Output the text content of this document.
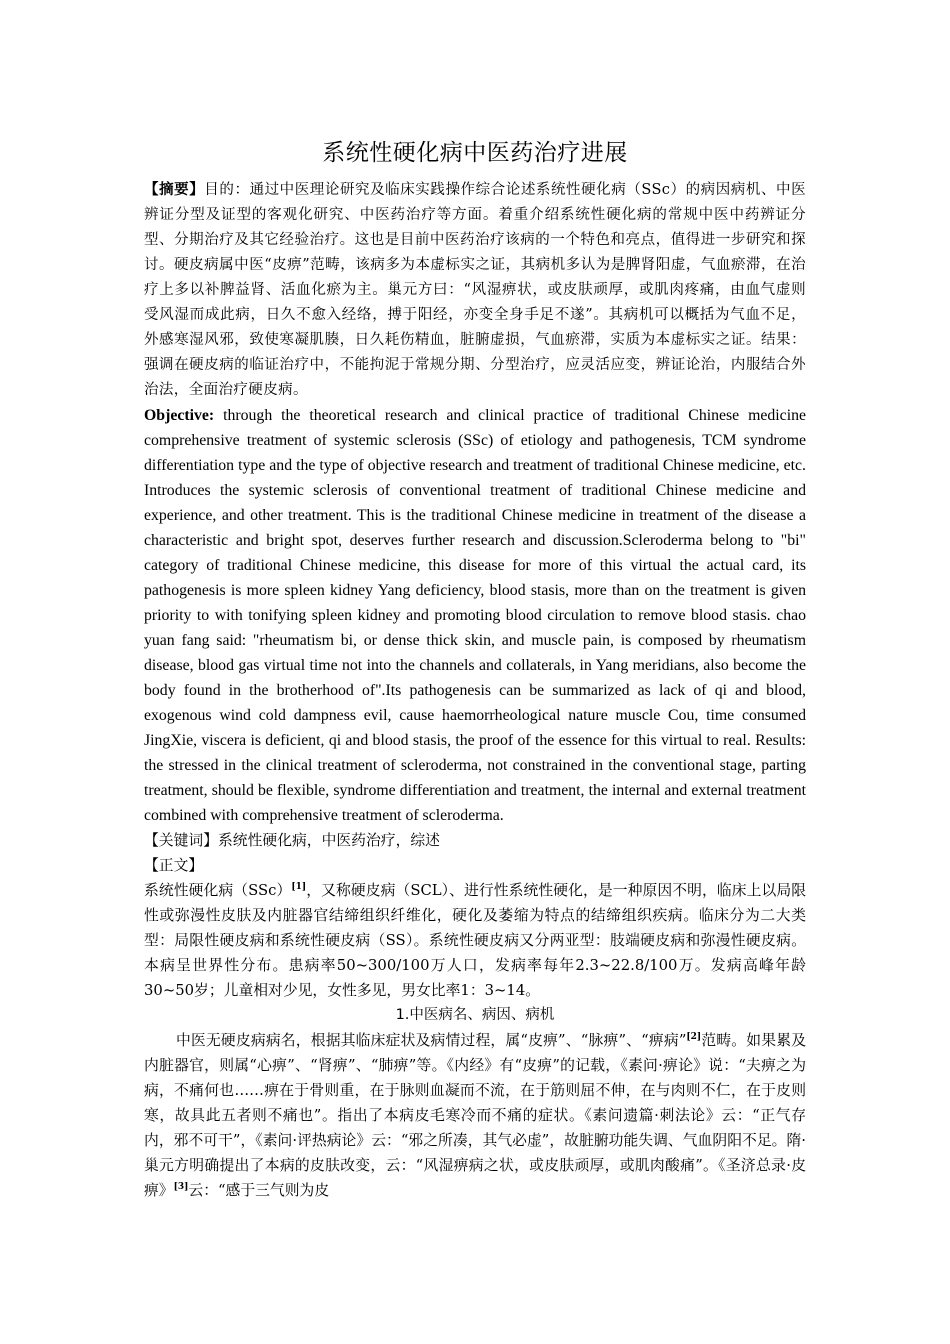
系统性硬化病中医药治疗进展

【摘要】目的：通过中医理论研究及临床实践操作综合论述系统性硬化病（SSc）的病因病机、中医辨证分型及证型的客观化研究、中医药治疗等方面。着重介绍系统性硬化病的常规中医中药辨证分型、分期治疗及其它经验治疗。这也是目前中医药治疗该病的一个特色和亮点，值得进一步研究和探讨。硬皮病属中医“皮痹”范畴，该病多为本虚标实之证，其病机多认为是脾肾阳虚，气血瘀滞，在治疗上多以补脾益肾、活血化瘀为主。巢元方曰：“风湿痹状，或皮肤顽厚，或肌肉疼痛，由血气虚则受风湿而成此病，日久不愈入经络，搏于阳经，亦变全身手足不遂”。其病机可以概括为气血不足，外感寒湿风邪，致使寒凝肌腠，日久耗伤精血，脏腑虚损，气血瘀滞，实质为本虚标实之证。结果：强调在硬皮病的临证治疗中，不能拘泥于常规分期、分型治疗，应灵活应变，辨证论治，内服结合外治法，全面治疗硬皮病。

Objective: through the theoretical research and clinical practice of traditional Chinese medicine comprehensive treatment of systemic sclerosis (SSc) of etiology and pathogenesis, TCM syndrome differentiation type and the type of objective research and treatment of traditional Chinese medicine, etc. Introduces the systemic sclerosis of conventional treatment of traditional Chinese medicine and experience, and other treatment. This is the traditional Chinese medicine in treatment of the disease a characteristic and bright spot, deserves further research and discussion.Scleroderma belong to "bi" category of traditional Chinese medicine, this disease for more of this virtual the actual card, its pathogenesis is more spleen kidney Yang deficiency, blood stasis, more than on the treatment is given priority to with tonifying spleen kidney and promoting blood circulation to remove blood stasis. chao yuan fang said: "rheumatism bi, or dense thick skin, and muscle pain, is composed by rheumatism disease, blood gas virtual time not into the channels and collaterals, in Yang meridians, also become the body found in the brotherhood of".Its pathogenesis can be summarized as lack of qi and blood, exogenous wind cold dampness evil, cause haemorrheological nature muscle Cou, time consumed JingXie, viscera is deficient, qi and blood stasis, the proof of the essence for this virtual to real. Results: the stressed in the clinical treatment of scleroderma, not constrained in the conventional stage, parting treatment, should be flexible, syndrome differentiation and treatment, the internal and external treatment combined with comprehensive treatment of scleroderma.

【关键词】系统性硬化病，中医药治疗，综述

【正文】

系统性硬化病（SSc）[1]，又称硬皮病（SCL）、进行性系统性硬化，是一种原因不明，临床上以局限性或弥漫性皮肤及内脏器官结缔组织纤维化，硬化及萎缩为特点的结缔组织疾病。临床分为二大类型：局限性硬皮病和系统性硬皮病（SS）。系统性硬皮病又分两亚型：肢端硬皮病和弥漫性硬皮病。本病呈世界性分布。患病率50~300/100万人口，发病率每年2.3~22.8/100万。发病高峰年龄30~50岁；儿童相对少见，女性多见，男女比率1：3~14。

1.中医病名、病因、病机

中医无硬皮病病名，根据其临床症状及病情过程，属“皮痹”、“脉痹”、“痹病”[2]范畴。如果累及内脏器官，则属“心痹”、“肾痹”、“肺痹”等。《内经》有“皮痹”的记载，《素问·痹论》说：“夫痹之为病，不痛何也……痹在于骨则重，在于脉则血凝而不流，在于筋则屈不伸，在与肉则不仁，在于皮则寒，故具此五者则不痛也”。指出了本病皮毛寒冷而不痛的症状。《素问遗篇·刺法论》云：“正气存内，邪不可干”，《素问·评热病论》云：“邪之所凑，其气必虚”，故脏腑功能失调、气血阴阳不足。隋·巢元方明确提出了本病的皮肤改变，云：“风湿痹病之状，或皮肤顽厚，或肌肉酸痛”。《圣济总录·皮痹》[3]云：“感于三气则为皮
